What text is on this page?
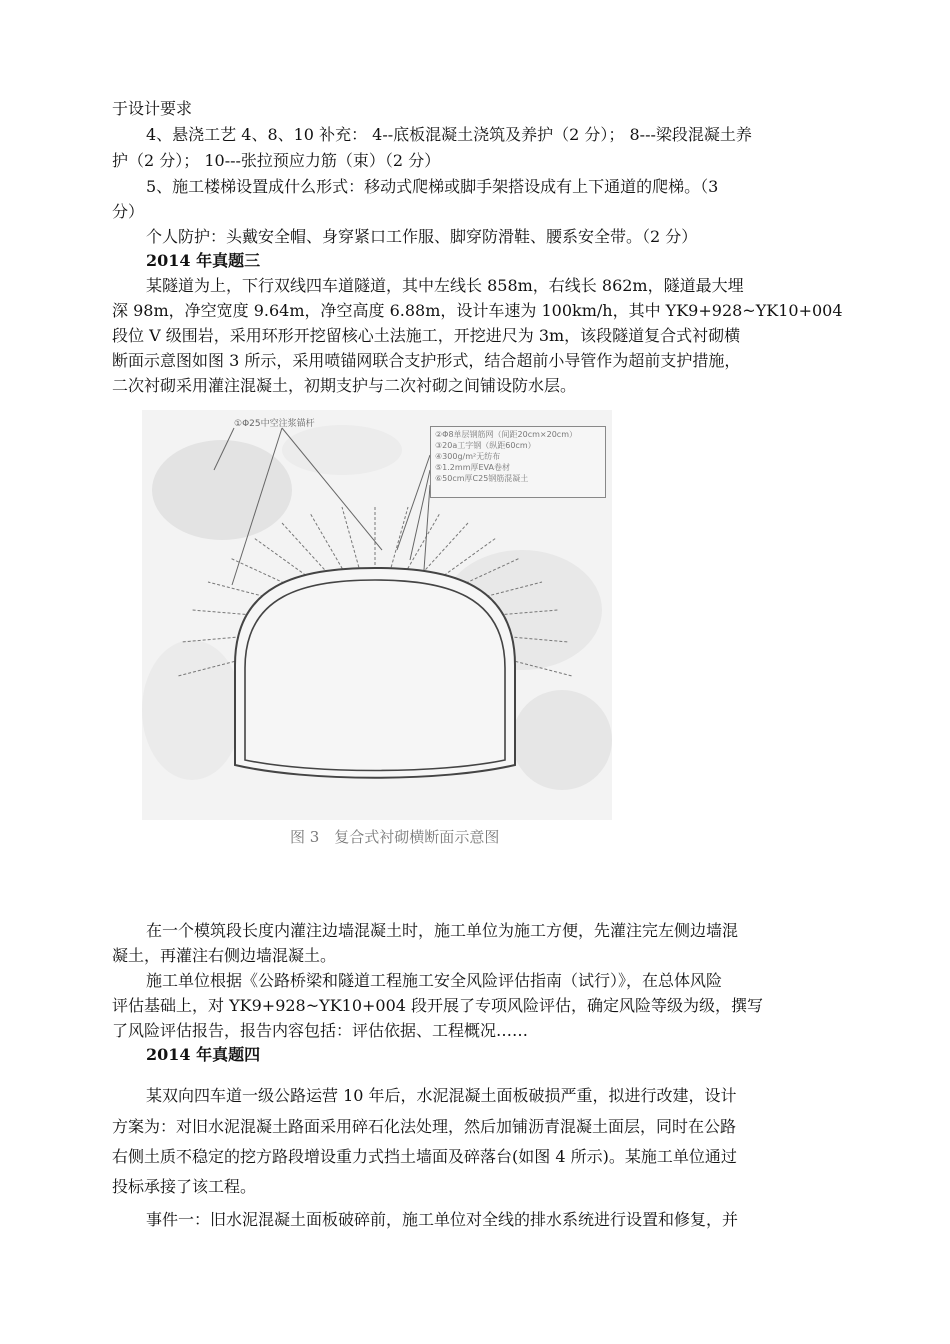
于设计要求
4、悬浇工艺 4、8、10 补充： 4--底板混凝土浇筑及养护（2 分）； 8---梁段混凝土养
护（2 分）； 10---张拉预应力筋（束）（2 分）
5、施工楼梯设置成什么形式：移动式爬梯或脚手架搭设成有上下通道的爬梯。（3
分）
个人防护：头戴安全帽、身穿紧口工作服、脚穿防滑鞋、腰系安全带。（2 分）
2014 年真题三
某隧道为上，下行双线四车道隧道，其中左线长 858m，右线长 862m，隧道最大埋
深 98m，净空宽度 9.64m，净空高度 6.88m，设计车速为 100km/h，其中 YK9+928~YK10+004
段位 V 级围岩，采用环形开挖留核心土法施工，开挖进尺为 3m，该段隧道复合式衬砌横
断面示意图如图 3 所示，采用喷锚网联合支护形式，结合超前小导管作为超前支护措施，
二次衬砌采用灌注混凝土，初期支护与二次衬砌之间铺设防水层。
①Φ25中空注浆锚杆
②Φ8单层钢筋网（间距20cm×20cm）
③20a工字钢（纵距60cm）
④300g/m²无纺布
⑤1.2mm厚EVA卷材
⑥50cm厚C25钢筋混凝土
图 3　复合式衬砌横断面示意图
在一个模筑段长度内灌注边墙混凝土时，施工单位为施工方便，先灌注完左侧边墙混
凝土，再灌注右侧边墙混凝土。
施工单位根据《公路桥梁和隧道工程施工安全风险评估指南（试行）》，在总体风险
评估基础上，对 YK9+928~YK10+004 段开展了专项风险评估，确定风险等级为级，撰写
了风险评估报告，报告内容包括：评估依据、工程概况……
2014 年真题四
某双向四车道一级公路运营 10 年后，水泥混凝土面板破损严重，拟进行改建，设计
方案为：对旧水泥混凝土路面采用碎石化法处理，然后加铺沥青混凝土面层，同时在公路
右侧土质不稳定的挖方路段增设重力式挡土墙面及碎落台(如图 4 所示)。某施工单位通过
投标承接了该工程。
事件一：旧水泥混凝土面板破碎前，施工单位对全线的排水系统进行设置和修复，并
